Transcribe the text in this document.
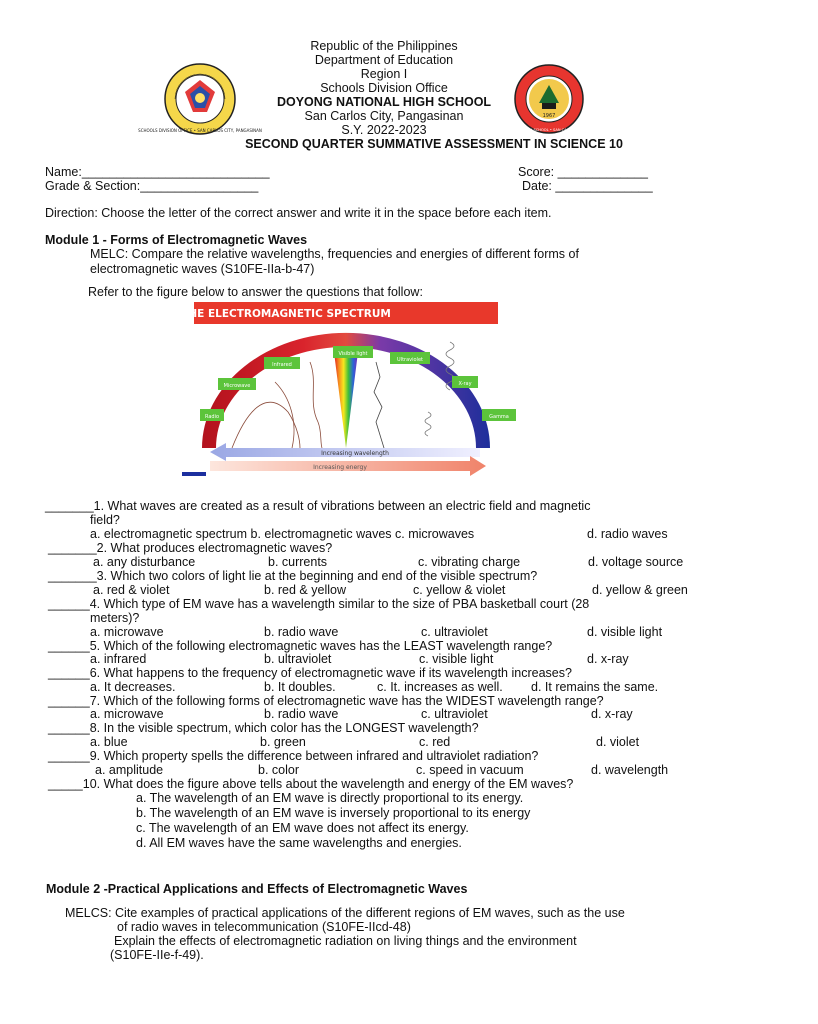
SCHOOLS DIVISION OFFICE • SAN CARLOS CITY, PANGASINAN
1967
DOYONG NATIONAL HIGH SCHOOL • SAN CARLOS CITY, PANGASINAN
Republic of the Philippines
Department of Education
Region I
Schools Division Office
DOYONG NATIONAL HIGH SCHOOL
San Carlos City, Pangasinan
S.Y. 2022-2023
SECOND QUARTER SUMMATIVE ASSESSMENT IN SCIENCE 10
Name:___________________________
Grade & Section:_________________
Score: _____________
Date: ______________
Direction: Choose the letter of the correct answer and write it in the space before each item.
Module 1 - Forms of Electromagnetic Waves
MELC: Compare the relative wavelengths, frequencies and energies of different forms of
electromagnetic waves (S10FE-IIa-b-47)
Refer to the figure below to answer the questions that follow:
THE ELECTROMAGNETIC SPECTRUM
Radio
Microwave
Infrared
Visible light
Ultraviolet
X-ray
Gamma
Increasing wavelength
Increasing energy
_______1. What waves are created as a result of vibrations between an electric field and magnetic
field?
a. electromagnetic spectrum b. electromagnetic waves c. microwaves	d. radio waves
_______2. What produces electromagnetic waves?
a. any disturbance	b. currents	c. vibrating charge	d. voltage source
_______3. Which two colors of light lie at the beginning and end of the visible spectrum?
a. red & violet	b. red & yellow	c. yellow & violet	d. yellow & green
______4. Which type of EM wave has a wavelength similar to the size of PBA basketball court (28
meters)?
a. microwave	b. radio wave	c. ultraviolet	d. visible light
______5. Which of the following electromagnetic waves has the LEAST wavelength range?
a. infrared	b. ultraviolet	c. visible light	d. x-ray
______6. What happens to the frequency of electromagnetic wave if its wavelength increases?
a. It decreases.	b. It doubles.	c. It. increases as well. d. It remains the same.
______7. Which of the following forms of electromagnetic wave has the WIDEST wavelength range?
a. microwave	b. radio wave	c. ultraviolet	d. x-ray
______8. In the visible spectrum, which color has the LONGEST wavelength?
a. blue	b. green	c. red	d. violet
______9. Which property spells the difference between infrared and ultraviolet radiation?
a. amplitude	b. color	c. speed in vacuum	d. wavelength
_____10. What does the figure above tells about the wavelength and energy of the EM waves?
a. The wavelength of an EM wave is directly proportional to its energy.
b. The wavelength of an EM wave is inversely proportional to its energy
c. The wavelength of an EM wave does not affect its energy.
d. All EM waves have the same wavelengths and energies.
Module 2 -Practical Applications and Effects of Electromagnetic Waves
MELCS: Cite examples of practical applications of the different regions of EM waves, such as the use
of radio waves in telecommunication (S10FE-IIcd-48)
Explain the effects of electromagnetic radiation on living things and the environment
(S10FE-IIe-f-49).
